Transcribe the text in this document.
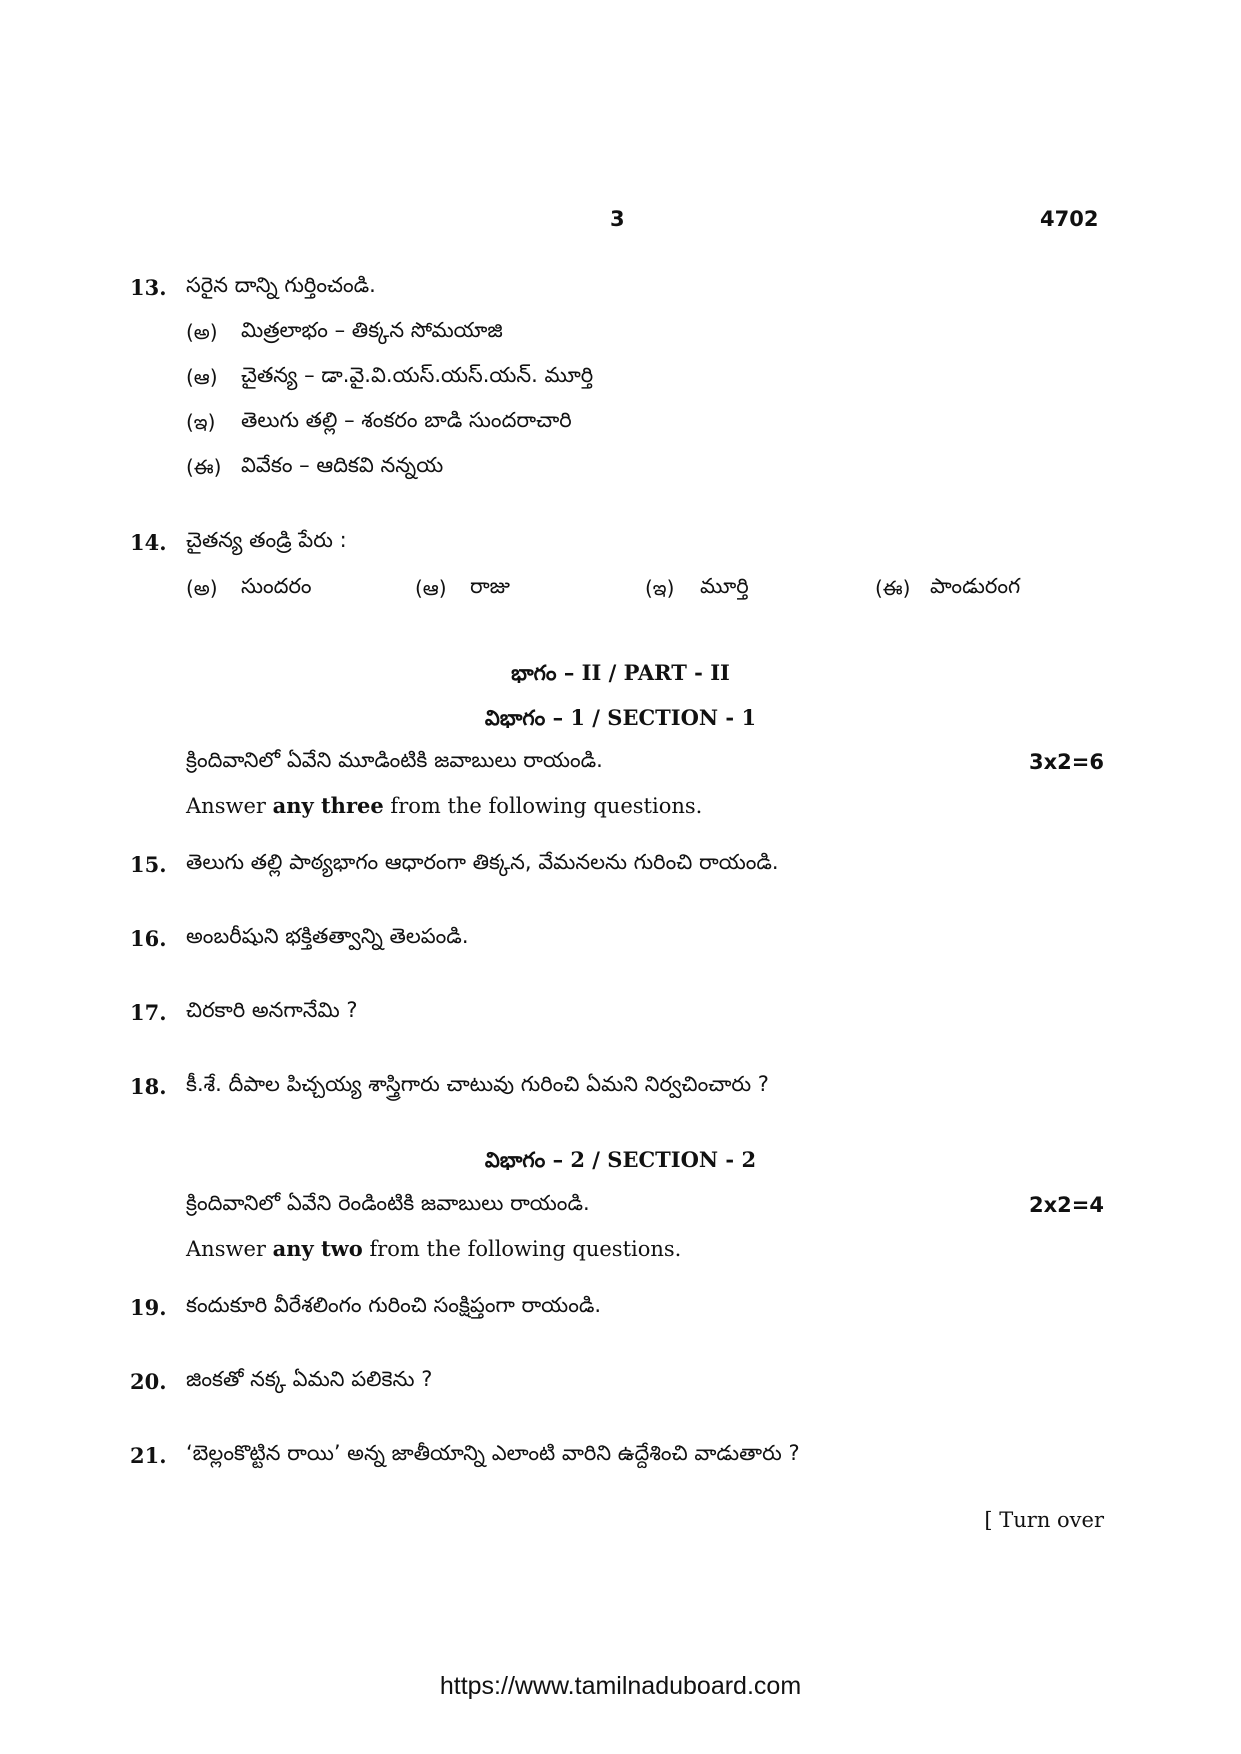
3	4702
13. సరైన దాన్ని గుర్తించండి.
(అ) మిత్రలాభం – తిక్కన సోమయాజి
(ఆ) చైతన్య – డా.వై.వి.యస్.యస్.యన్. మూర్తి
(ఇ) తెలుగు తల్లి – శంకరం బాడి సుందరాచారి
(ఈ) వివేకం – ఆదికవి నన్నయ
14. చైతన్య తండ్రి పేరు :
(అ) సుందరం	(ఆ) రాజు	(ఇ) మూర్తి	(ఈ) పాండురంగ
భాగం – II / PART - II
విభాగం – 1 / SECTION - 1
క్రిందివానిలో ఏవేని మూడింటికి జవాబులు రాయండి.	3x2=6
Answer any three from the following questions.
15. తెలుగు తల్లి పాఠ్యభాగం ఆధారంగా తిక్కన, వేమనలను గురించి రాయండి.
16. అంబరీషుని భక్తితత్వాన్ని తెలపండి.
17. చిరకారి అనగానేమి ?
18. కీ.శే. దీపాల పిచ్చయ్య శాస్త్రిగారు చాటువు గురించి ఏమని నిర్వచించారు ?
విభాగం – 2 / SECTION - 2
క్రిందివానిలో ఏవేని రెండింటికి జవాబులు రాయండి.	2x2=4
Answer any two from the following questions.
19. కందుకూరి వీరేశలింగం గురించి సంక్షిప్తంగా రాయండి.
20. జింకతో నక్క ఏమని పలికెను ?
21. ‘బెల్లంకొట్టిన రాయి’ అన్న జాతీయాన్ని ఎలాంటి వారిని ఉద్దేశించి వాడుతారు ?
[ Turn over
https://www.tamilnaduboard.com
